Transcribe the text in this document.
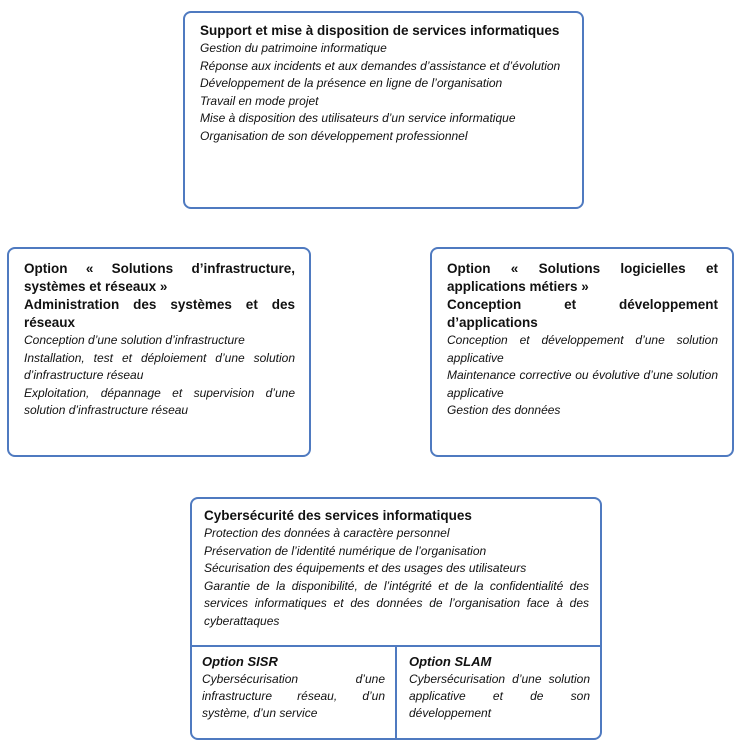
Support et mise à disposition de services informatiques
Gestion du patrimoine informatique
Réponse aux incidents et aux demandes d’assistance et d’évolution
Développement de la présence en ligne de l’organisation
Travail en mode projet
Mise à disposition des utilisateurs d’un service informatique
Organisation de son développement professionnel
Option « Solutions d’infrastructure, systèmes et réseaux »
Administration des systèmes et des réseaux
Conception d’une solution d’infrastructure
Installation, test et déploiement d’une solution d’infrastructure réseau
Exploitation, dépannage et supervision d’une solution d’infrastructure réseau
Option « Solutions logicielles et applications métiers »
Conception et développement d’applications
Conception et développement d’une solution applicative
Maintenance corrective ou évolutive d’une solution applicative
Gestion des données
Cybersécurité des services informatiques
Protection des données à caractère personnel
Préservation de l’identité numérique de l’organisation
Sécurisation des équipements et des usages des utilisateurs
Garantie de la disponibilité, de l’intégrité et de la confidentialité des services informatiques et des données de l’organisation face à des cyberattaques
Option SISR
Cybersécurisation d’une infrastructure réseau, d’un système, d’un service
Option SLAM
Cybersécurisation d’une solution applicative et de son développement
